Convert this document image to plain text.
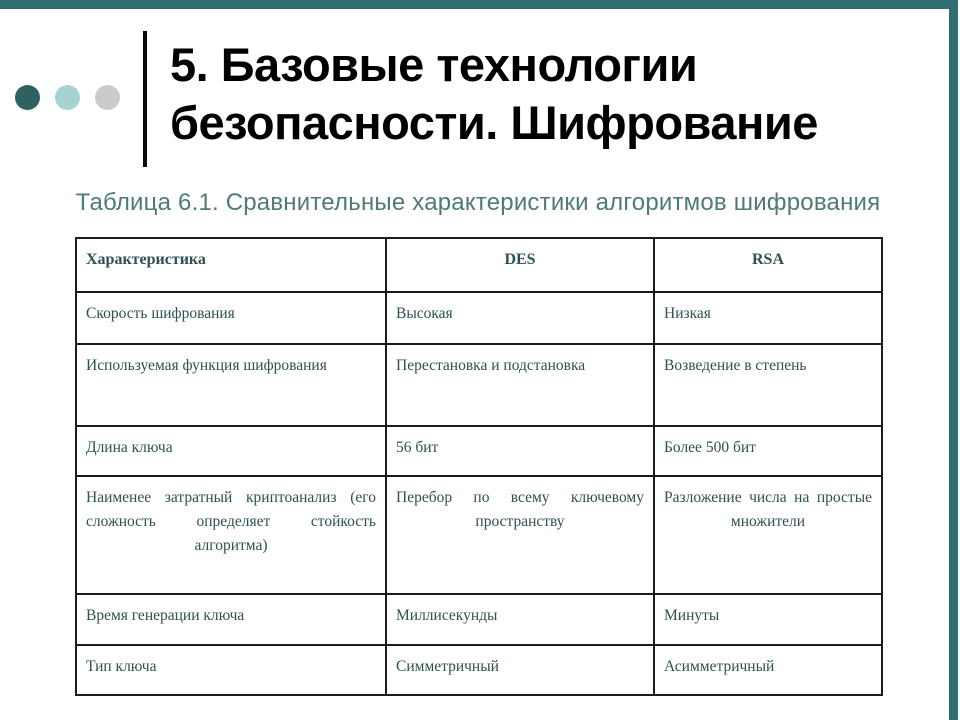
5. Базовые технологии
безопасности. Шифрование
Таблица 6.1. Сравнительные характеристики алгоритмов шифрования
Характеристика	DES	RSA
Скорость шифрования	Высокая	Низкая
Используемая функция шифрования	Перестановка и подстановка	Возведение в степень
Длина ключа	56 бит	Более 500 бит
Наименее затратный криптоанализ (его сложность определяет стойкость алгоритма)	Перебор по всему ключевому пространству	Разложение числа на простые множители
Время генерации ключа	Миллисекунды	Минуты
Тип ключа	Симметричный	Асимметричный
